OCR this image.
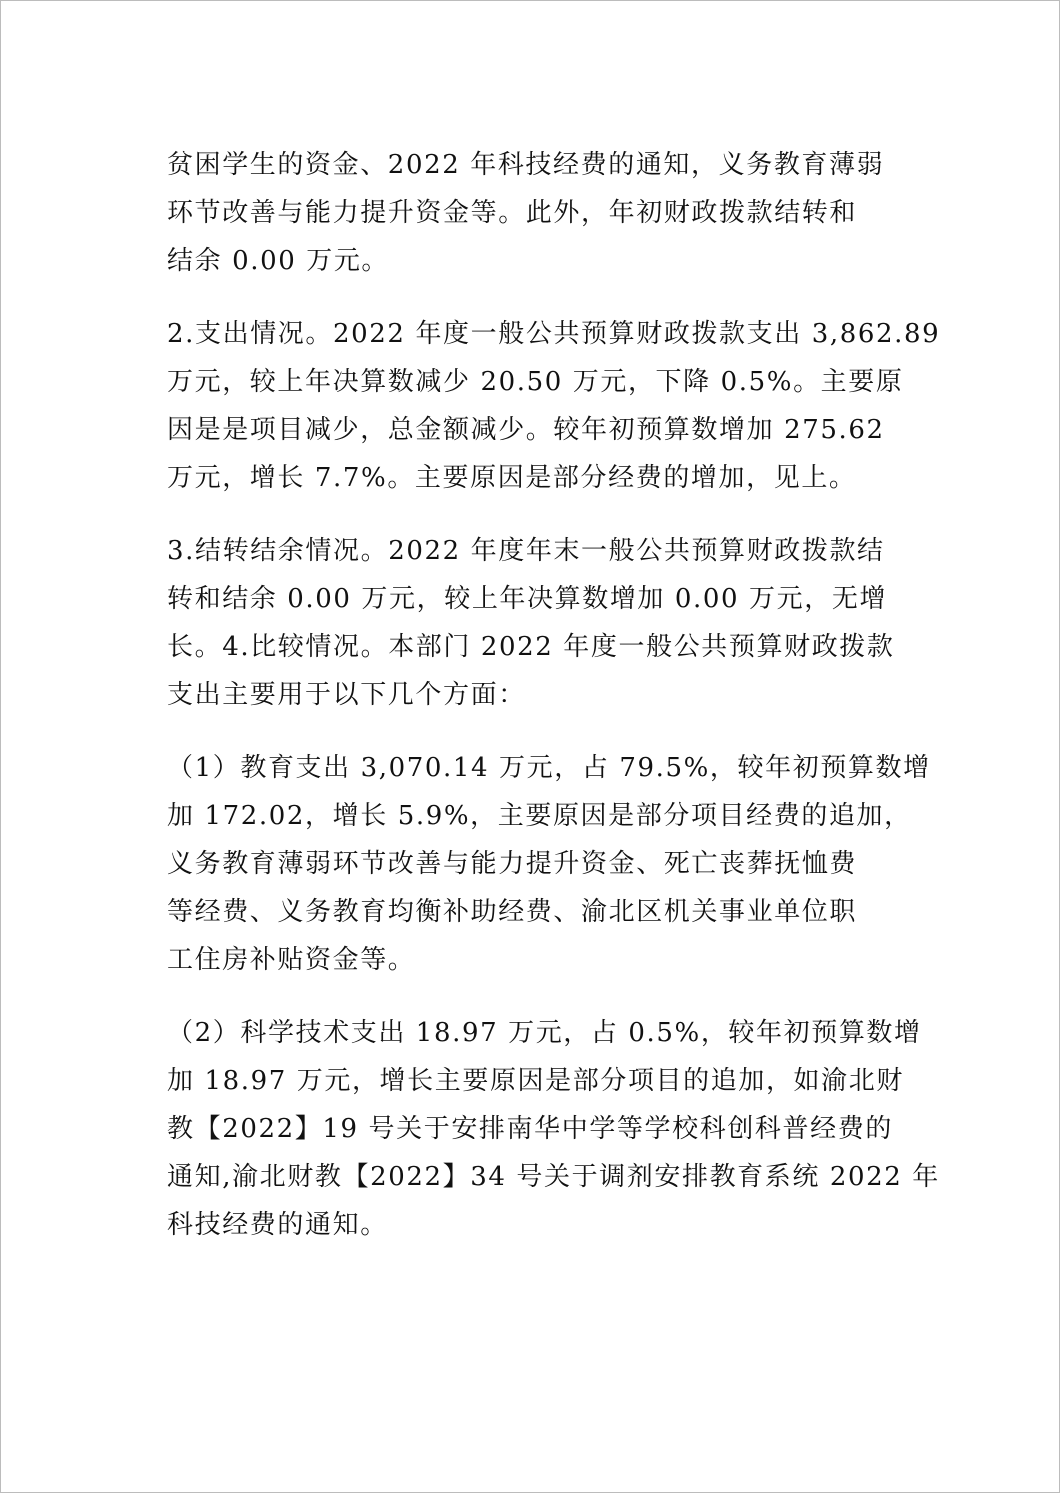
贫困学生的资金、2022 年科技经费的通知，义务教育薄弱
环节改善与能力提升资金等。此外，年初财政拨款结转和
结余 0.00 万元。
2.支出情况。2022 年度一般公共预算财政拨款支出 3,862.89
万元，较上年决算数减少 20.50 万元，下降 0.5%。主要原
因是是项目减少，总金额减少。较年初预算数增加 275.62
万元，增长 7.7%。主要原因是部分经费的增加，见上。
3.结转结余情况。2022 年度年末一般公共预算财政拨款结
转和结余 0.00 万元，较上年决算数增加 0.00 万元，无增
长。4.比较情况。本部门 2022 年度一般公共预算财政拨款
支出主要用于以下几个方面：
（1）教育支出 3,070.14 万元，占 79.5%，较年初预算数增
加 172.02，增长 5.9%，主要原因是部分项目经费的追加，
义务教育薄弱环节改善与能力提升资金、死亡丧葬抚恤费
等经费、义务教育均衡补助经费、渝北区机关事业单位职
工住房补贴资金等。
（2）科学技术支出 18.97 万元，占 0.5%，较年初预算数增
加 18.97 万元，增长主要原因是部分项目的追加，如渝北财
教【2022】19 号关于安排南华中学等学校科创科普经费的
通知,渝北财教【2022】34 号关于调剂安排教育系统 2022 年
科技经费的通知。
